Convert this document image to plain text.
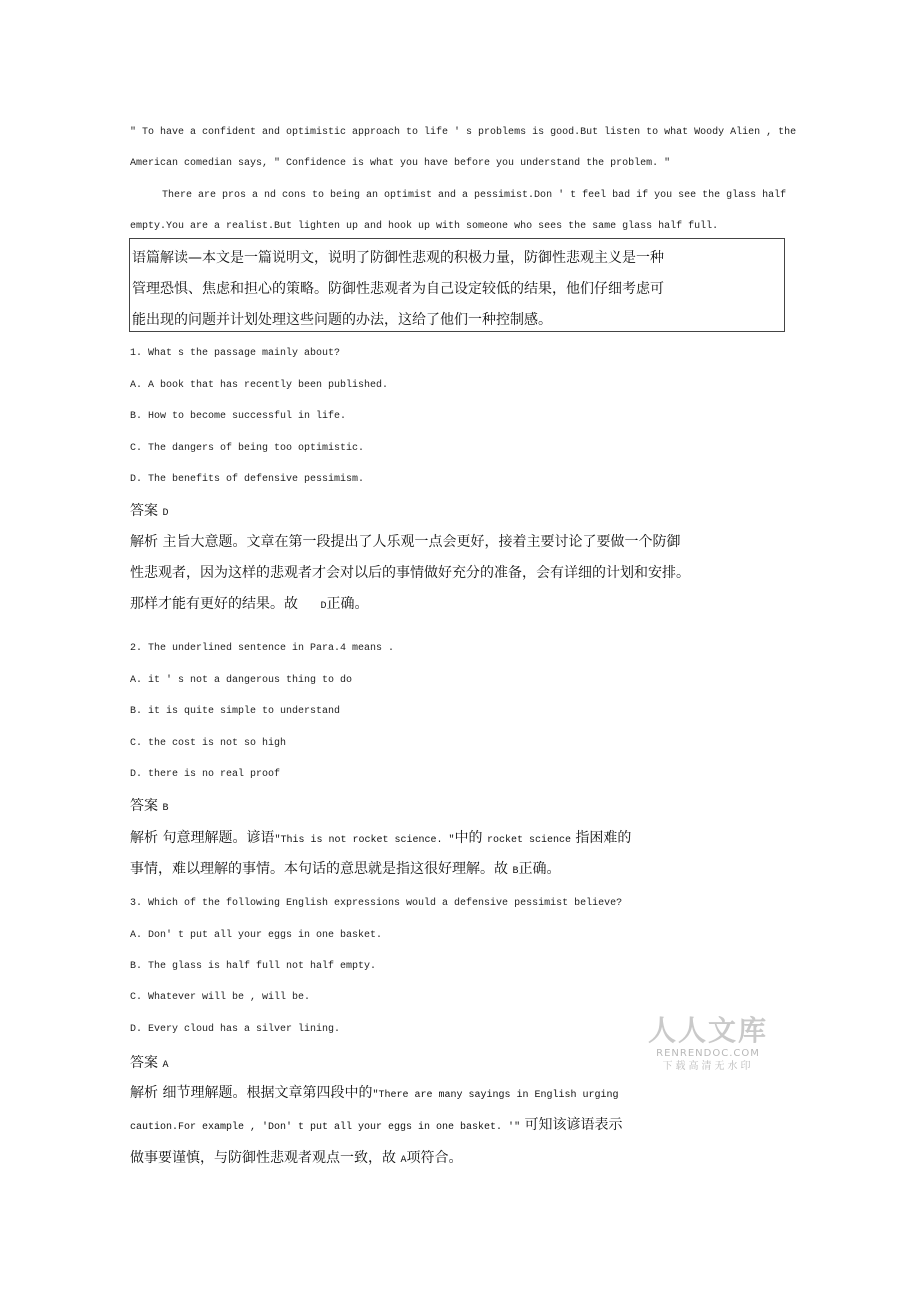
" To have a confident and optimistic approach to life ' s problems is good.But listen to what Woody Alien , the
American comedian says, " Confidence is what you have before you understand the problem. "
There are pros a nd cons to being an optimist and a pessimist.Don ' t feel bad if you see the glass half
empty.You are a realist.But lighten up and hook up with someone who sees the same glass half full.
语篇解读—本文是一篇说明文，说明了防御性悲观的积极力量，防御性悲观主义是一种
管理恐惧、焦虑和担心的策略。防御性悲观者为自己设定较低的结果，他们仔细考虑可
能出现的问题并计划处理这些问题的办法，这给了他们一种控制感。
1. What s the passage mainly about?
A. A book that has recently been published.
B. How to become successful in life.
C. The dangers of being too optimistic.
D. The benefits of defensive pessimism.
答案 D
解析 主旨大意题。文章在第一段提出了人乐观一点会更好，接着主要讨论了要做一个防御
性悲观者，因为这样的悲观者才会对以后的事情做好充分的准备，会有详细的计划和安排。
那样才能有更好的结果。故 D正确。
2. The underlined sentence in Para.4 means .
A. it ' s not a dangerous thing to do
B. it is quite simple to understand
C. the cost is not so high
D. there is no real proof
答案 B
解析 句意理解题。谚语"This is not rocket science. "中的 rocket science 指困难的
事情，难以理解的事情。本句话的意思就是指这很好理解。故 B正确。
3. Which of the following English expressions would a defensive pessimist believe?
A. Don' t put all your eggs in one basket.
B. The glass is half full not half empty.
C. Whatever will be , will be.
D. Every cloud has a silver lining.
答案 A
解析 细节理解题。根据文章第四段中的"There are many sayings in English urging
caution.For example , 'Don' t put all your eggs in one basket. '" 可知该谚语表示
做事要谨慎，与防御性悲观者观点一致，故 A项符合。
人人文库
RENRENDOC.COM
下载高清无水印
